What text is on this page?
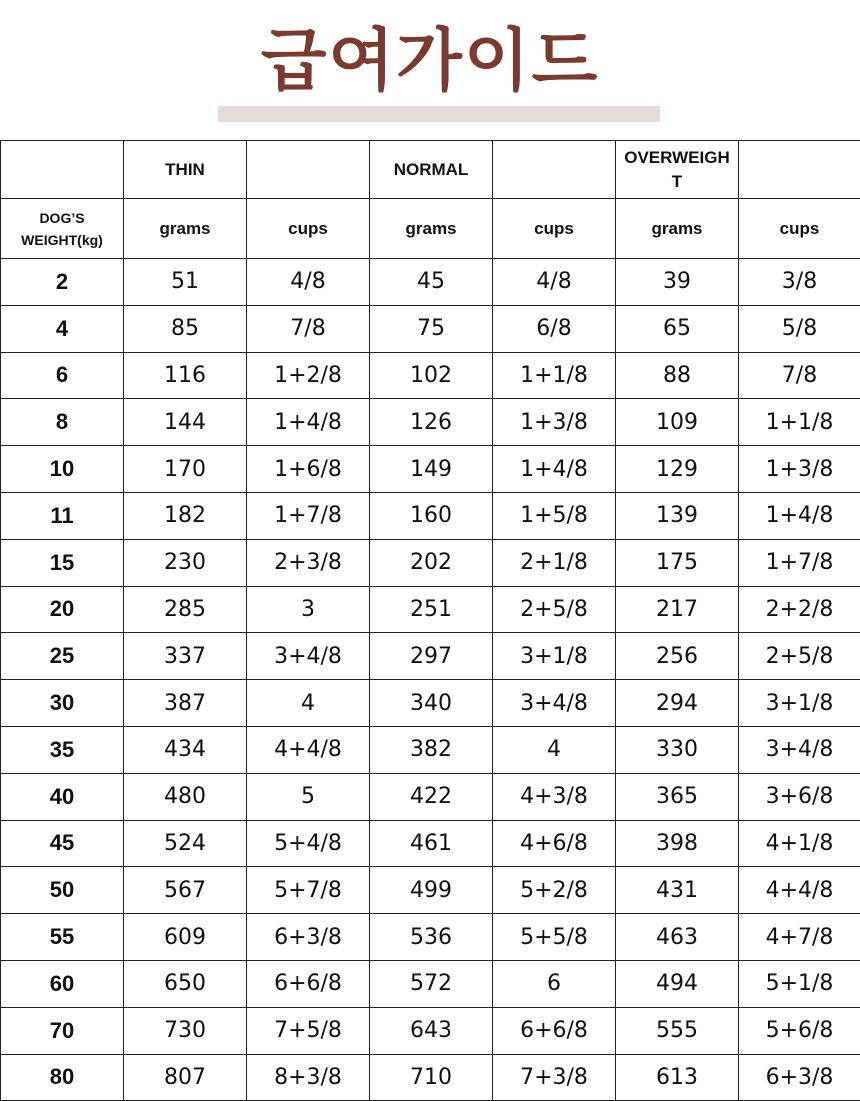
급여가이드
	THIN		NORMAL		OVERWEIGHT	

DOG’S
WEIGHT(kg)	grams	cups	grams	cups	grams	cups
2	51	4/8	45	4/8	39	3/8
4	85	7/8	75	6/8	65	5/8
6	116	1+2/8	102	1+1/8	88	7/8
8	144	1+4/8	126	1+3/8	109	1+1/8
10	170	1+6/8	149	1+4/8	129	1+3/8
11	182	1+7/8	160	1+5/8	139	1+4/8
15	230	2+3/8	202	2+1/8	175	1+7/8
20	285	3	251	2+5/8	217	2+2/8
25	337	3+4/8	297	3+1/8	256	2+5/8
30	387	4	340	3+4/8	294	3+1/8
35	434	4+4/8	382	4	330	3+4/8
40	480	5	422	4+3/8	365	3+6/8
45	524	5+4/8	461	4+6/8	398	4+1/8
50	567	5+7/8	499	5+2/8	431	4+4/8
55	609	6+3/8	536	5+5/8	463	4+7/8
60	650	6+6/8	572	6	494	5+1/8
70	730	7+5/8	643	6+6/8	555	5+6/8
80	807	8+3/8	710	7+3/8	613	6+3/8
